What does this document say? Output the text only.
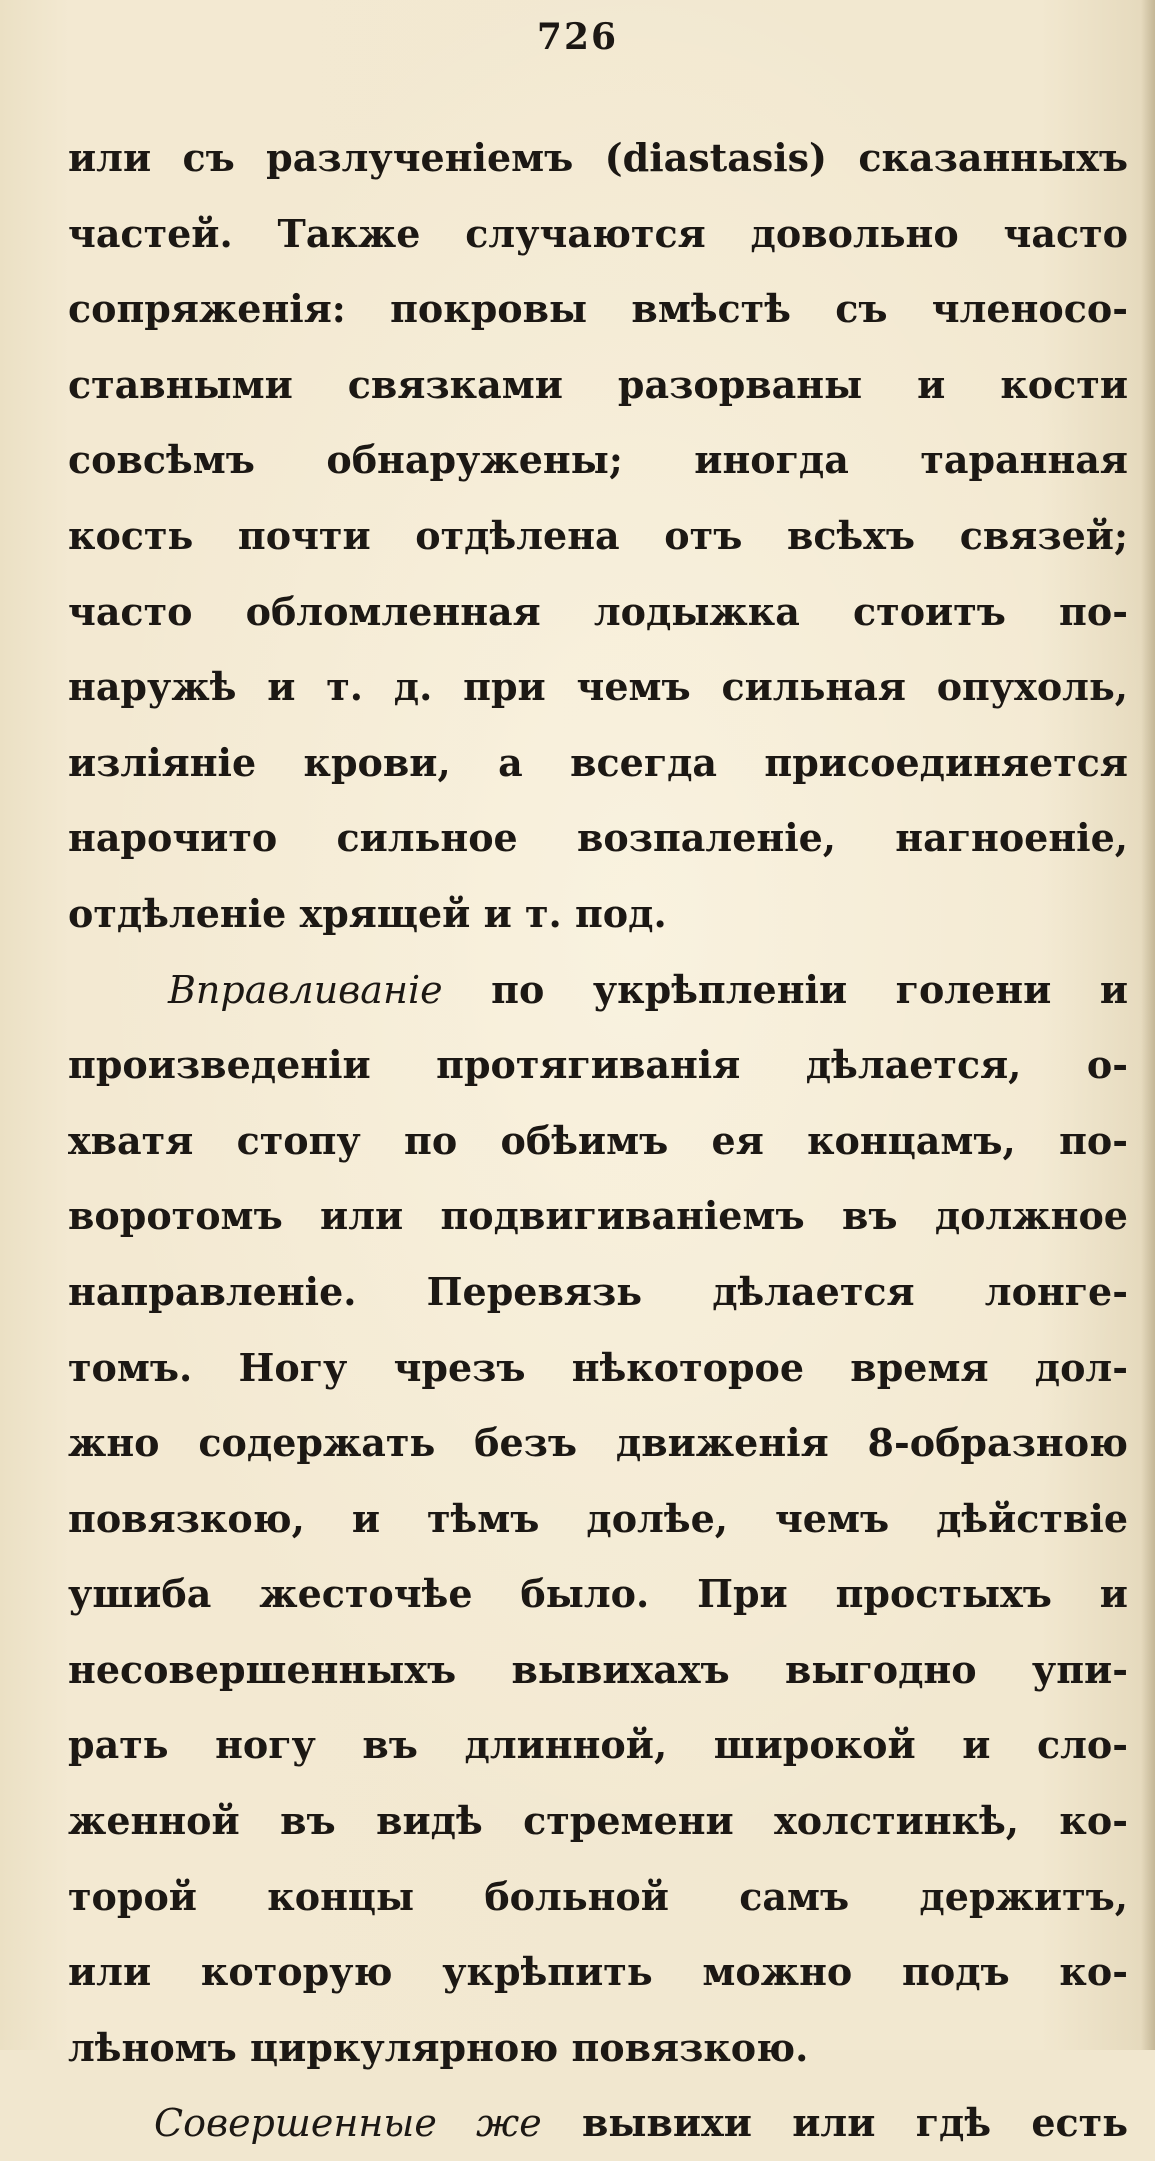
726
или съ разлученіемъ (diastasis) сказанныхъ
частей. Также случаются довольно часто
сопряженія: покровы вмѣстѣ съ членосо-
ставными связками разорваны и кости
совсѣмъ обнаружены; иногда таранная
кость почти отдѣлена отъ всѣхъ связей;
часто обломленная лодыжка стоитъ по-
наружѣ и т. д. при чемъ сильная опухоль,
изліяніе крови, а всегда присоединяется
нарочито сильное возпаленіе, нагноеніе,
отдѣленіе хрящей и т. под.
Вправливаніе по укрѣпленіи голени и
произведеніи протягиванія дѣлается, о-
хватя стопу по обѣимъ ея концамъ, по-
воротомъ или подвигиваніемъ въ должное
направленіе. Перевязь дѣлается лонге-
томъ. Ногу чрезъ нѣкоторое время дол-
жно содержать безъ движенія 8-образною
повязкою, и тѣмъ долѣе, чемъ дѣйствіе
ушиба жесточѣе было. При простыхъ и
несовершенныхъ вывихахъ выгодно упи-
рать ногу въ длинной, широкой и сло-
женной въ видѣ стремени холстинкѣ, ко-
торой концы больной самъ держитъ,
или которую укрѣпить можно подъ ко-
лѣномъ циркулярною повязкою.
Совершенные же вывихи или гдѣ есть
